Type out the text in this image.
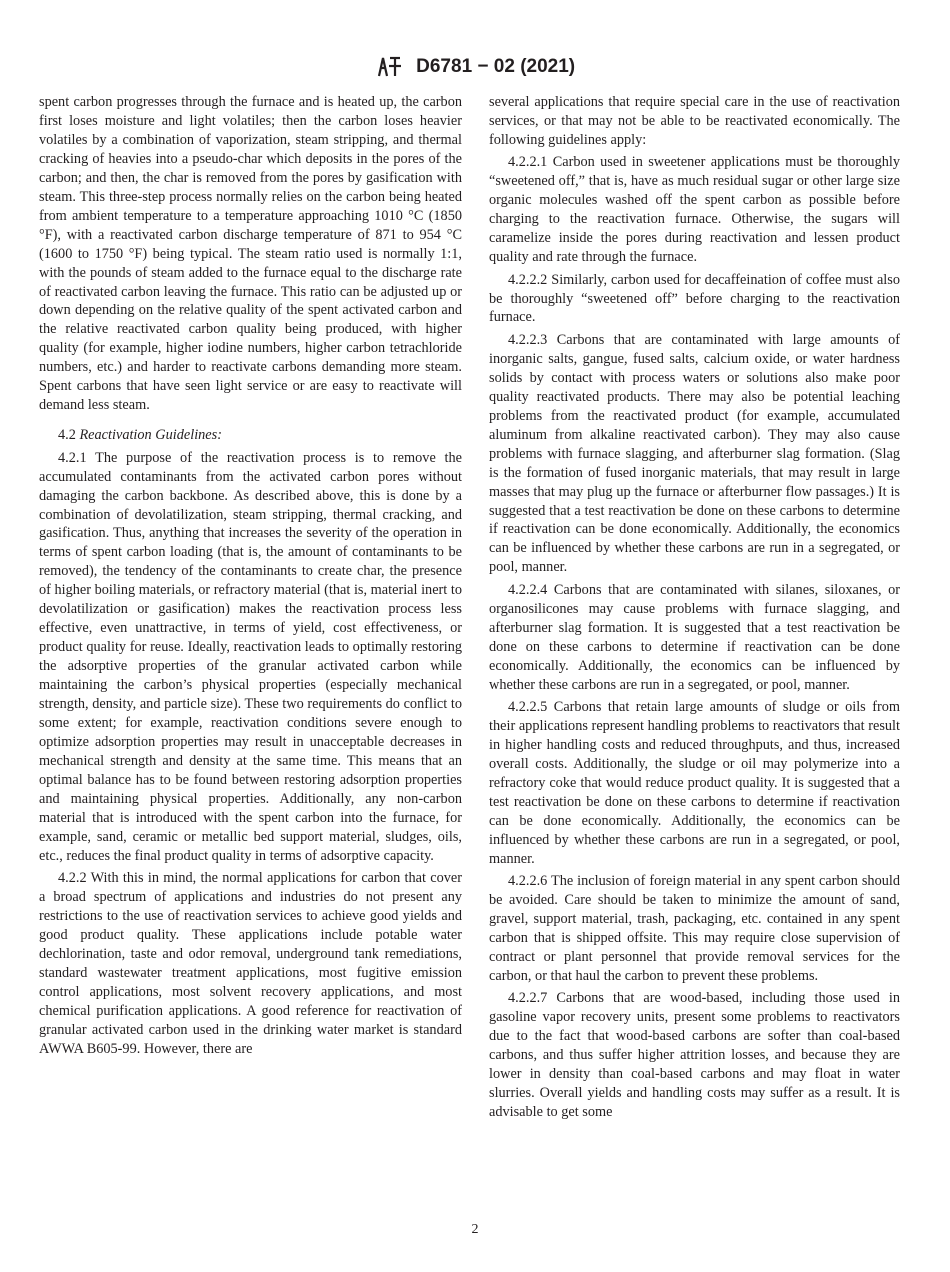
D6781 − 02 (2021)

spent carbon progresses through the furnace and is heated up, the carbon first loses moisture and light volatiles; then the carbon loses heavier volatiles by a combination of vaporization, steam stripping, and thermal cracking of heavies into a pseudo-char which deposits in the pores of the carbon; and then, the char is removed from the pores by gasification with steam. This three-step process normally relies on the carbon being heated from ambient temperature to a temperature approaching 1010 °C (1850 °F), with a reactivated carbon discharge temperature of 871 to 954 °C (1600 to 1750 °F) being typical. The steam ratio used is normally 1:1, with the pounds of steam added to the furnace equal to the discharge rate of reactivated carbon leaving the furnace. This ratio can be adjusted up or down depending on the relative quality of the spent activated carbon and the relative reactivated carbon quality being produced, with higher quality (for example, higher iodine numbers, higher carbon tetrachloride numbers, etc.) and harder to reactivate carbons demanding more steam. Spent carbons that have seen light service or are easy to reactivate will demand less steam.

4.2 Reactivation Guidelines:

4.2.1 The purpose of the reactivation process is to remove the accumulated contaminants from the activated carbon pores without damaging the carbon backbone. As described above, this is done by a combination of devolatilization, steam stripping, thermal cracking, and gasification. Thus, anything that increases the severity of the operation in terms of spent carbon loading (that is, the amount of contaminants to be removed), the tendency of the contaminants to create char, the presence of higher boiling materials, or refractory material (that is, material inert to devolatilization or gasification) makes the reactivation process less effective, even unattractive, in terms of yield, cost effectiveness, or product quality for reuse. Ideally, reactivation leads to optimally restoring the adsorptive properties of the granular activated carbon while maintaining the carbon’s physical properties (especially mechanical strength, density, and particle size). These two requirements do conflict to some extent; for example, reactivation conditions severe enough to optimize adsorption properties may result in unacceptable decreases in mechanical strength and density at the same time. This means that an optimal balance has to be found between restoring adsorption properties and maintaining physical properties. Additionally, any non-carbon material that is introduced with the spent carbon into the furnace, for example, sand, ceramic or metallic bed support material, sludges, oils, etc., reduces the final product quality in terms of adsorptive capacity.

4.2.2 With this in mind, the normal applications for carbon that cover a broad spectrum of applications and industries do not present any restrictions to the use of reactivation services to achieve good yields and good product quality. These applications include potable water dechlorination, taste and odor removal, underground tank remediations, standard wastewater treatment applications, most fugitive emission control applications, most solvent recovery applications, and most chemical purification applications. A good reference for reactivation of granular activated carbon used in the drinking water market is standard AWWA B605-99. However, there are

several applications that require special care in the use of reactivation services, or that may not be able to be reactivated economically. The following guidelines apply:

4.2.2.1 Carbon used in sweetener applications must be thoroughly “sweetened off,” that is, have as much residual sugar or other large size organic molecules washed off the spent carbon as possible before charging to the reactivation furnace. Otherwise, the sugars will caramelize inside the pores during reactivation and lessen product quality and rate through the furnace.

4.2.2.2 Similarly, carbon used for decaffeination of coffee must also be thoroughly “sweetened off” before charging to the reactivation furnace.

4.2.2.3 Carbons that are contaminated with large amounts of inorganic salts, gangue, fused salts, calcium oxide, or water hardness solids by contact with process waters or solutions also make poor quality reactivated products. There may also be potential leaching problems from the reactivated product (for example, accumulated aluminum from alkaline reactivated carbon). They may also cause problems with furnace slagging, and afterburner slag formation. (Slag is the formation of fused inorganic materials, that may result in large masses that may plug up the furnace or afterburner flow passages.) It is suggested that a test reactivation be done on these carbons to determine if reactivation can be done economically. Additionally, the economics can be influenced by whether these carbons are run in a segregated, or pool, manner.

4.2.2.4 Carbons that are contaminated with silanes, siloxanes, or organosilicones may cause problems with furnace slagging, and afterburner slag formation. It is suggested that a test reactivation be done on these carbons to determine if reactivation can be done economically. Additionally, the economics can be influenced by whether these carbons are run in a segregated, or pool, manner.

4.2.2.5 Carbons that retain large amounts of sludge or oils from their applications represent handling problems to reactivators that result in higher handling costs and reduced throughputs, and thus, increased overall costs. Additionally, the sludge or oil may polymerize into a refractory coke that would reduce product quality. It is suggested that a test reactivation be done on these carbons to determine if reactivation can be done economically. Additionally, the economics can be influenced by whether these carbons are run in a segregated, or pool, manner.

4.2.2.6 The inclusion of foreign material in any spent carbon should be avoided. Care should be taken to minimize the amount of sand, gravel, support material, trash, packaging, etc. contained in any spent carbon that is shipped offsite. This may require close supervision of contract or plant personnel that provide removal services for the carbon, or that haul the carbon to prevent these problems.

4.2.2.7 Carbons that are wood-based, including those used in gasoline vapor recovery units, present some problems to reactivators due to the fact that wood-based carbons are softer than coal-based carbons, and thus suffer higher attrition losses, and because they are lower in density than coal-based carbons and may float in water slurries. Overall yields and handling costs may suffer as a result. It is advisable to get some

2
